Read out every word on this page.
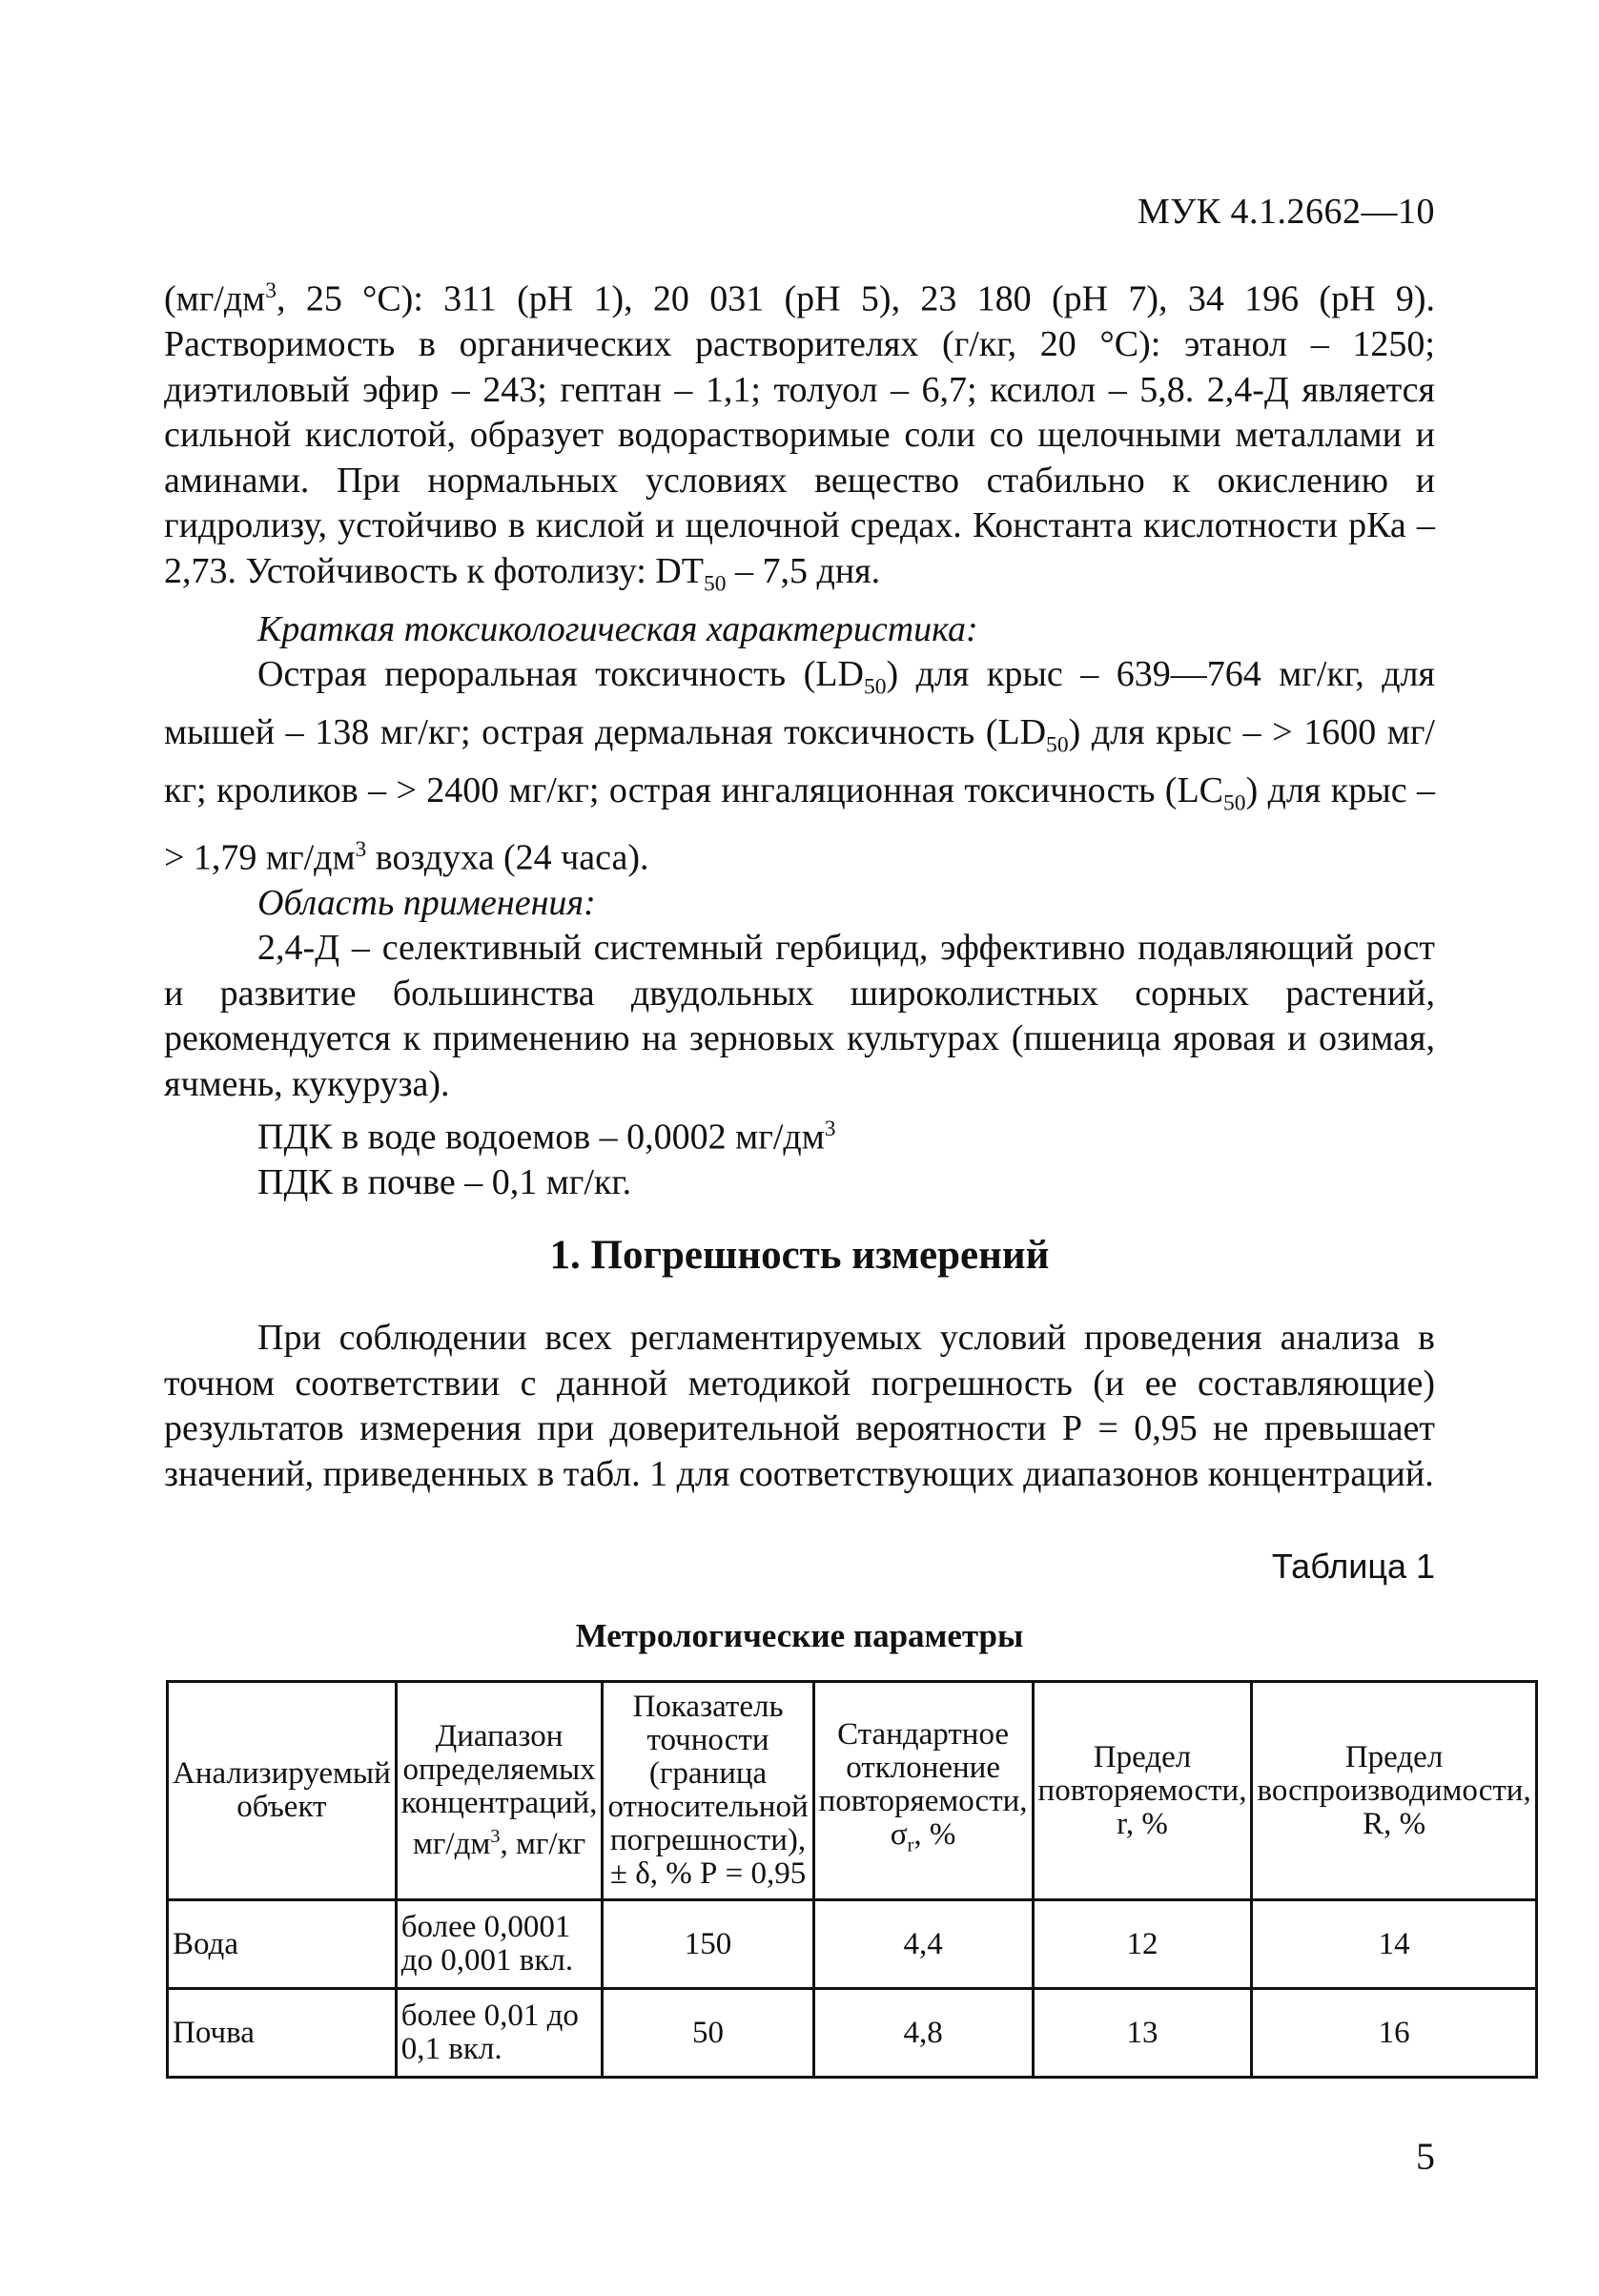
МУК 4.1.2662—10

($мг/дм^3$, 25 °С): 311 (рН 1), 20 031 (рН 5), 23 180 (рН 7), 34 196 (рН 9). Растворимость в органических растворителях (г/кг, 20 °С): этанол – 1250; диэтиловый эфир – 243; гептан – 1,1; толуол – 6,7; ксилол – 5,8. 2,4-Д является сильной кислотой, образует водорастворимые соли со щелочными металлами и аминами. При нормальных условиях вещество стабильно к окислению и гидролизу, устойчиво в кислой и щелочной средах. Константа кислотности рКа – 2,73. Устойчивость к фотолизу: $DT_{50} - 7,5$ дня.

Краткая токсикологическая характеристика:

Острая пероральная токсичность $(LD_{50})$ для крыс – 639—764 мг/кг, для мышей – 138 мг/кг; острая дермальная токсичность $(LD_{50})$ для крыс – > 1600 мг/кг; кроликов – > 2400 мг/кг; острая ингаляционная токсичность $(LC_{50})$ для крыс – > 1,79 $мг/дм^3$ воздуха (24 часа).

Область применения:

2,4-Д – селективный системный гербицид, эффективно подавляющий рост и развитие большинства двудольных широколистных сорных растений, рекомендуется к применению на зерновых культурах (пшеница яровая и озимая, ячмень, кукуруза).

ПДК в воде водоемов – 0,0002 $мг/дм^3$

ПДК в почве – 0,1 мг/кг.

1. Погрешность измерений

При соблюдении всех регламентируемых условий проведения анализа в точном соответствии с данной методикой погрешность (и ее составляющие) результатов измерения при доверительной вероятности Р = 0,95 не превышает значений, приведенных в табл. 1 для соответствующих диапазонов концентраций.

Таблица 1
Метрологические параметры
Анализируемый объект	Диапазон определяемых концентраций, $мг/дм^3$, мг/кг	Показатель точности (граница относительной погрешности), ± δ, % Р = 0,95	Стандартное отклонение повторяемости, $\sigma_r$, %	Предел повторяемости, r, %	Предел воспроизводимости, R, %
Вода	более 0,0001 до 0,001 вкл.	150	4,4	12	14
Почва	более 0,01 до 0,1 вкл.	50	4,8	13	16
5
